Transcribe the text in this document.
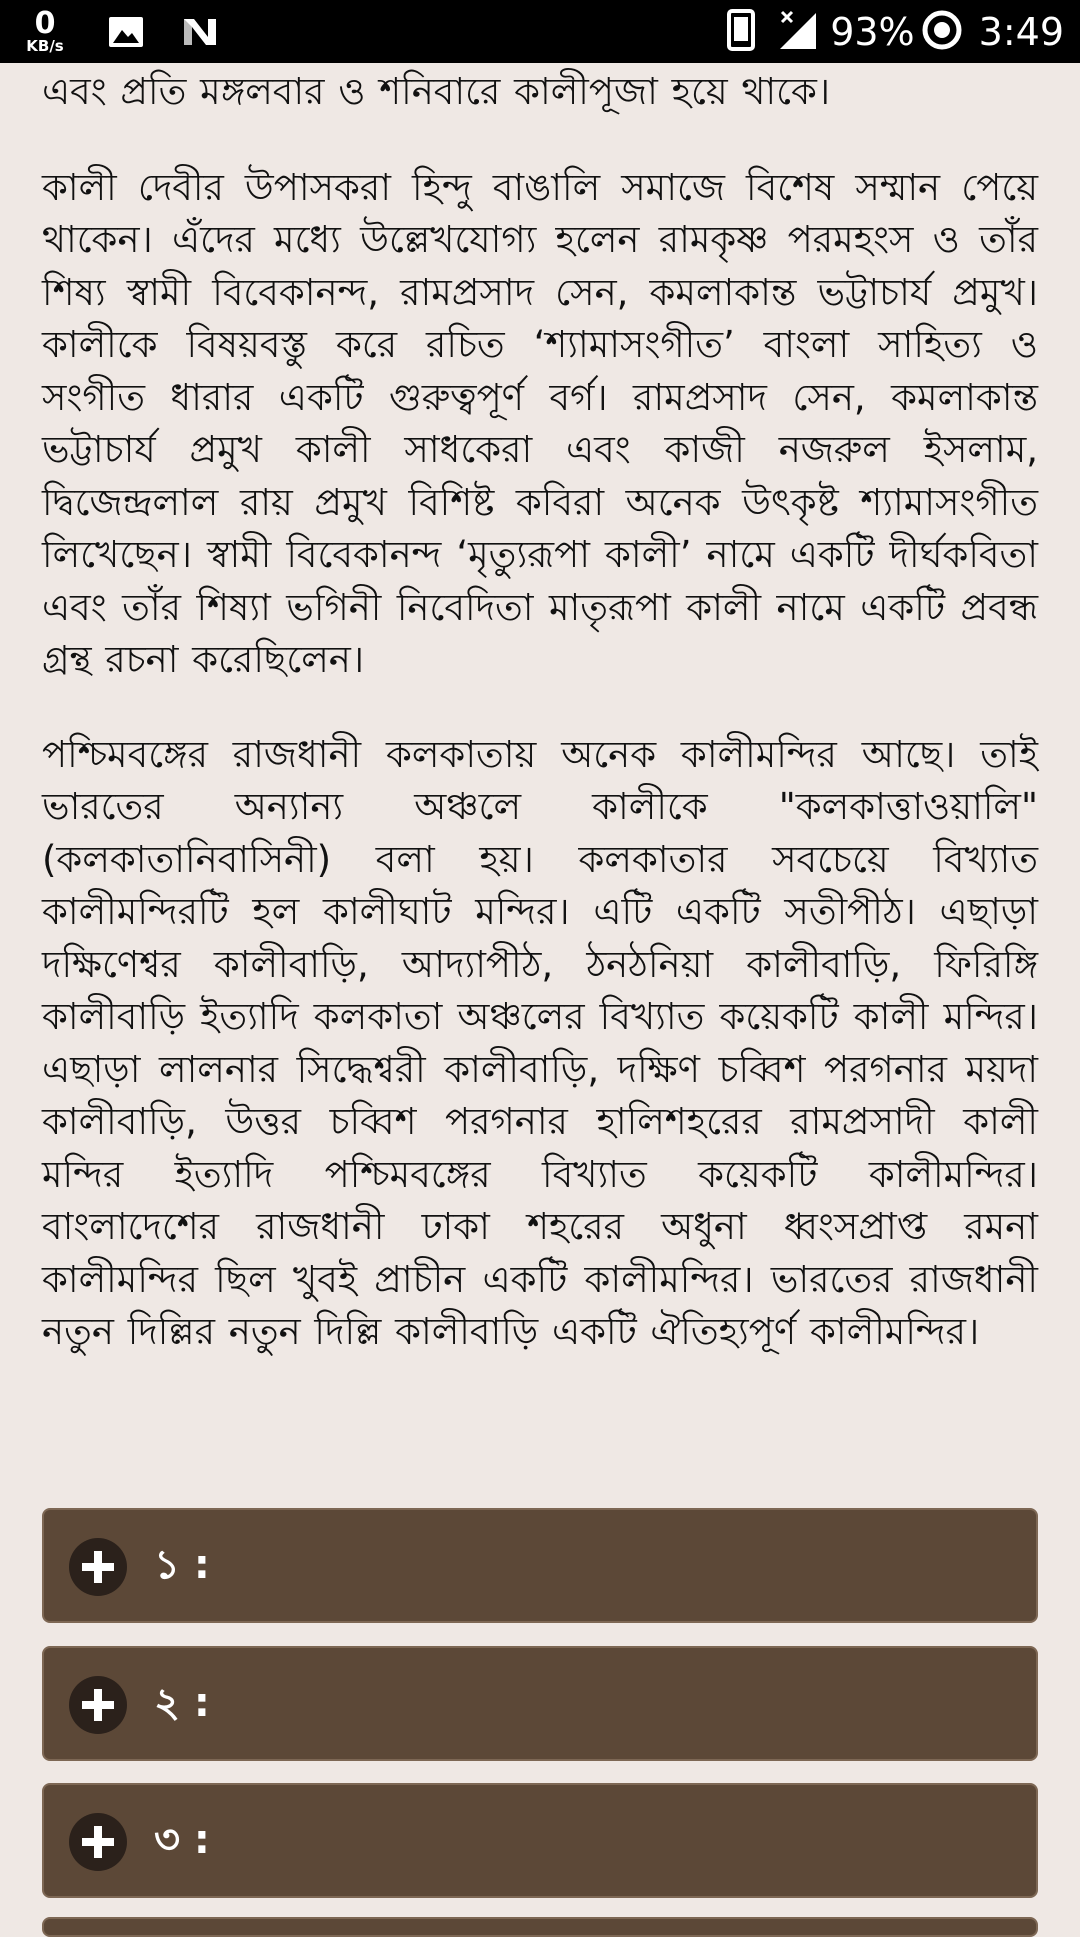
0
KB/s	93% 3:49

এবং প্রতি মঙ্গলবার ও শনিবারে কালীপূজা হয়ে থাকে।

কালী দেবীর উপাসকরা হিন্দু বাঙালি সমাজে বিশেষ সম্মান পেয়ে থাকেন। এঁদের মধ্যে উল্লেখযোগ্য হলেন রামকৃষ্ণ পরমহংস ও তাঁর শিষ্য স্বামী বিবেকানন্দ, রামপ্রসাদ সেন, কমলাকান্ত ভট্টাচার্য প্রমুখ। কালীকে বিষয়বস্তু করে রচিত ‘শ্যামাসংগীত’ বাংলা সাহিত্য ও সংগীত ধারার একটি গুরুত্বপূর্ণ বর্গ। রামপ্রসাদ সেন, কমলাকান্ত ভট্টাচার্য প্রমুখ কালী সাধকেরা এবং কাজী নজরুল ইসলাম, দ্বিজেন্দ্রলাল রায় প্রমুখ বিশিষ্ট কবিরা অনেক উৎকৃষ্ট শ্যামাসংগীত লিখেছেন। স্বামী বিবেকানন্দ ‘মৃত্যুরূপা কালী’ নামে একটি দীর্ঘকবিতা এবং তাঁর শিষ্যা ভগিনী নিবেদিতা মাতৃরূপা কালী নামে একটি প্রবন্ধ গ্রন্থ রচনা করেছিলেন।

পশ্চিমবঙ্গের রাজধানী কলকাতায় অনেক কালীমন্দির আছে। তাই ভারতের অন্যান্য অঞ্চলে কালীকে "কলকাত্তাওয়ালি" (কলকাতানিবাসিনী) বলা হয়। কলকাতার সবচেয়ে বিখ্যাত কালীমন্দিরটি হল কালীঘাট মন্দির। এটি একটি সতীপীঠ। এছাড়া দক্ষিণেশ্বর কালীবাড়ি, আদ্যাপীঠ, ঠনঠনিয়া কালীবাড়ি, ফিরিঙ্গি কালীবাড়ি ইত্যাদি কলকাতা অঞ্চলের বিখ্যাত কয়েকটি কালী মন্দির। এছাড়া লালনার সিদ্ধেশ্বরী কালীবাড়ি, দক্ষিণ চব্বিশ পরগনার ময়দা কালীবাড়ি, উত্তর চব্বিশ পরগনার হালিশহরের রামপ্রসাদী কালী মন্দির ইত্যাদি পশ্চিমবঙ্গের বিখ্যাত কয়েকটি কালীমন্দির। বাংলাদেশের রাজধানী ঢাকা শহরের অধুনা ধ্বংসপ্রাপ্ত রমনা কালীমন্দির ছিল খুবই প্রাচীন একটি কালীমন্দির। ভারতের রাজধানী নতুন দিল্লির নতুন দিল্লি কালীবাড়ি একটি ঐতিহ্যপূর্ণ কালীমন্দির।

১ :
২ :
৩ :
